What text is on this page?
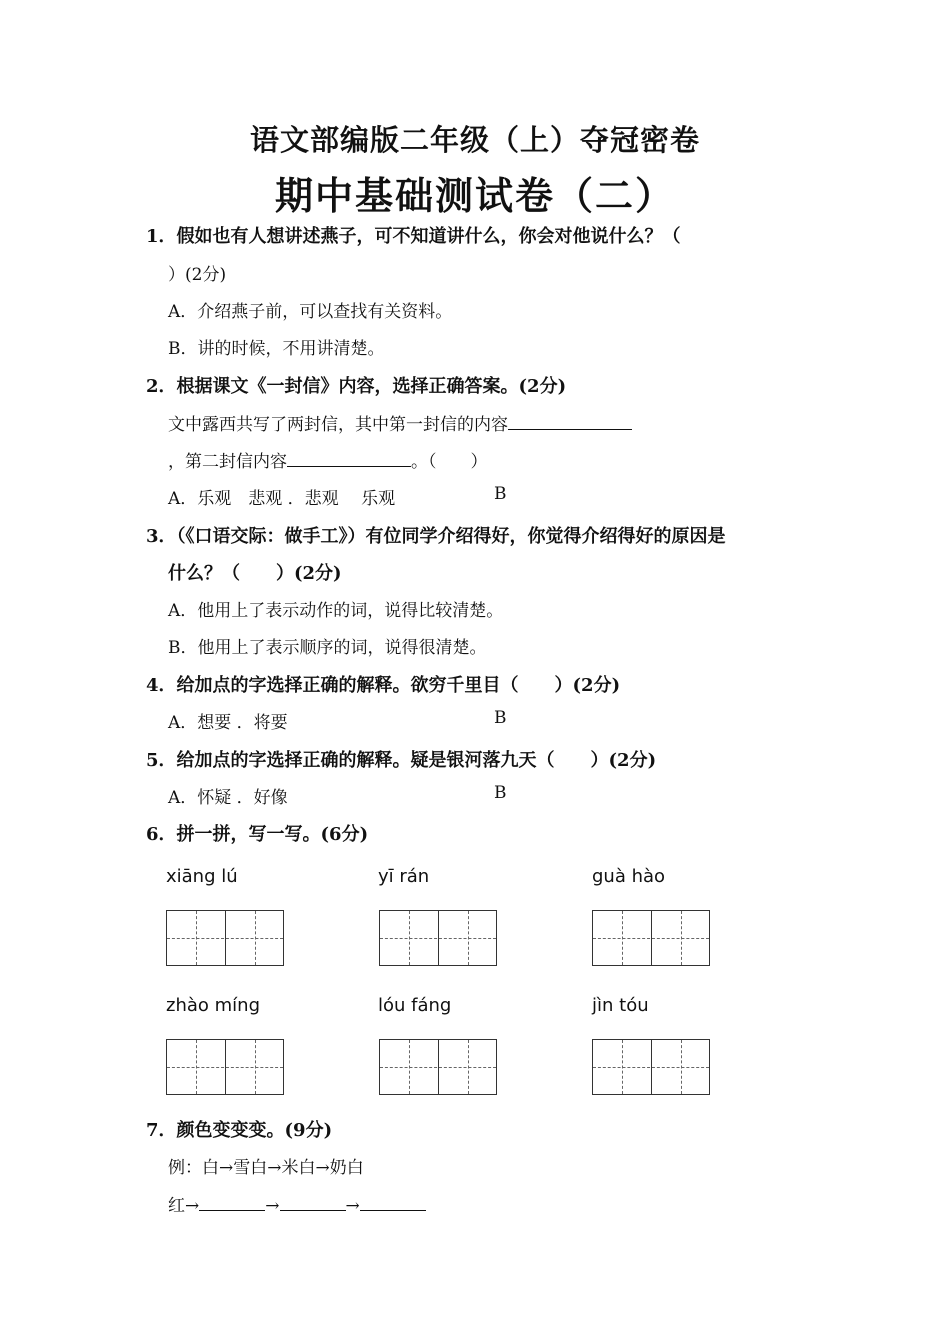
语文部编版二年级（上）夺冠密卷
期中基础测试卷（二）
1．假如也有人想讲述燕子，可不知道讲什么，你会对他说什么？（
）(2分)
A．介绍燕子前，可以查找有关资料。
B．讲的时候，不用讲清楚。
2．根据课文《一封信》内容，选择正确答案。(2分)
文中露西共写了两封信，其中第一封信的内容
，第二封信内容	。（　　）
A．乐观　悲观 ．悲观　 乐观	B
3．（《口语交际：做手工》）有位同学介绍得好，你觉得介绍得好的原因是
什么？（　　）(2分)
A．他用上了表示动作的词，说得比较清楚。
B．他用上了表示顺序的词，说得很清楚。
4．给加点的字选择正确的解释。欲穷千里目（　　）(2分)
A．想要 ．将要	B
5．给加点的字选择正确的解释。疑是银河落九天（　　）(2分)
A．怀疑 ．好像	B
6．拼一拼，写一写。(6分)
xiāng lú	yī rán	guà hào
zhào míng	lóu fáng	jìn tóu
7．颜色变变变。(9分)
例：白→雪白→米白→奶白
红→	→	→
